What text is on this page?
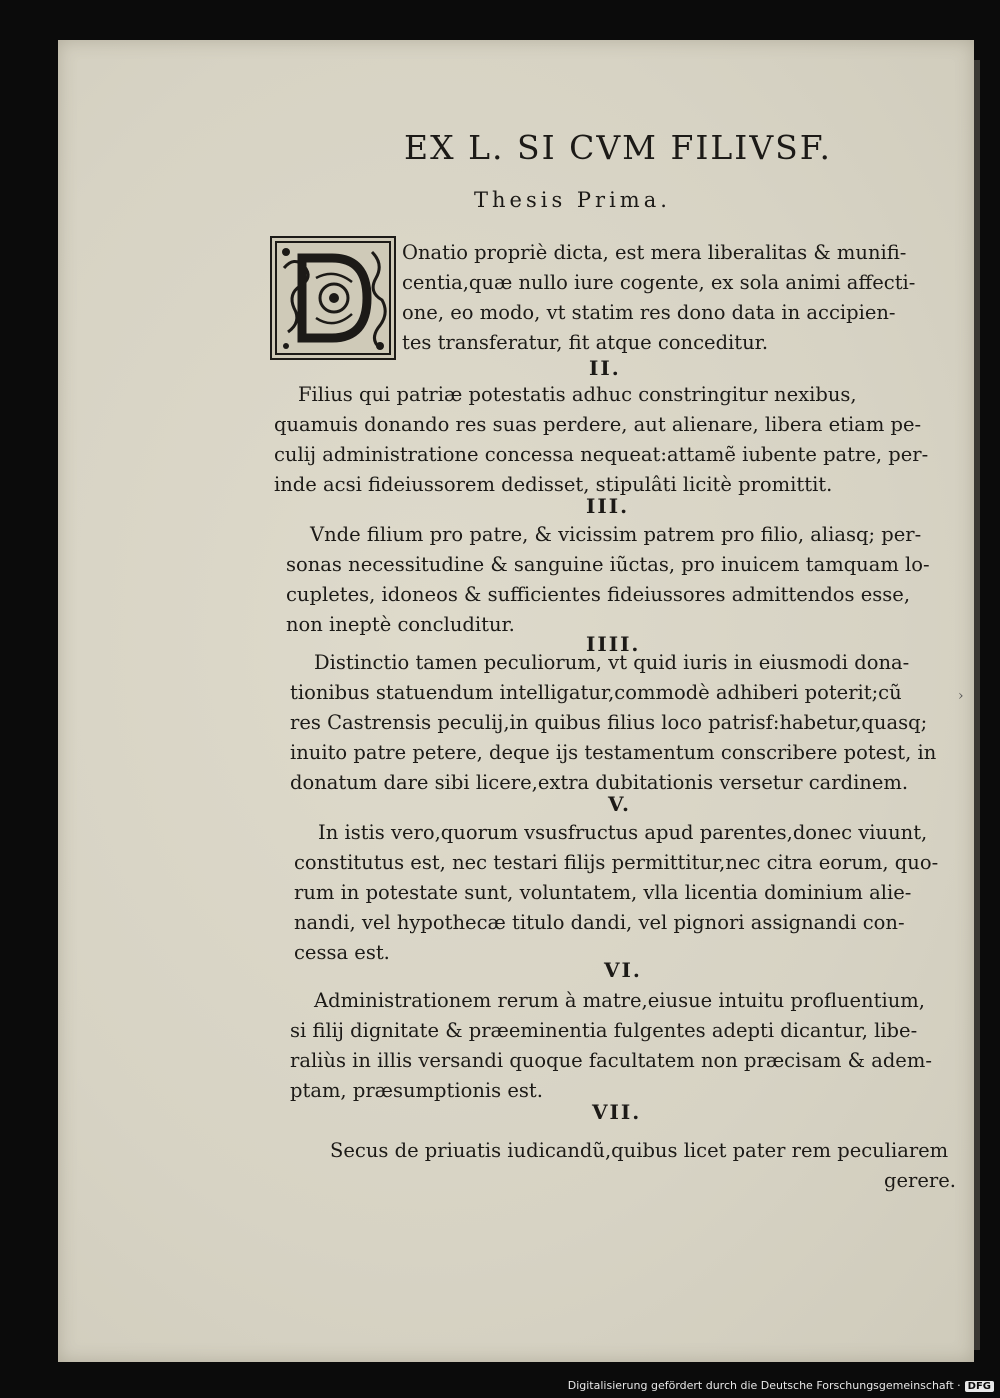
EX L. SI CVM FILIVSF.
Thesis Prima.
Onatio propriè dicta, est mera liberalitas & munifi-
centia,quæ nullo iure cogente, ex sola animi affecti-
one, eo modo, vt statim res dono data in accipien-
tes transferatur, fit atque conceditur.
II.
Filius qui patriæ potestatis adhuc constringitur nexibus,
quamuis donando res suas perdere, aut alienare, libera etiam pe-
culij administratione concessa nequeat:attamẽ iubente patre, per-
inde acsi fideiussorem dedisset, stipulâti licitè promittit.
III.
Vnde filium pro patre, & vicissim patrem pro filio, aliasq; per-
sonas necessitudine & sanguine iũctas, pro inuicem tamquam lo-
cupletes, idoneos & sufficientes fideiussores admittendos esse,
non ineptè concluditur.
IIII.
Distinctio tamen peculiorum, vt quid iuris in eiusmodi dona-
tionibus statuendum intelligatur,commodè adhiberi poterit;cũ
res Castrensis peculij,in quibus filius loco patrisf:habetur,quasq;
inuito patre petere, deque ijs testamentum conscribere potest, in
donatum dare sibi licere,extra dubitationis versetur cardinem.
V.
In istis vero,quorum vsusfructus apud parentes,donec viuunt,
constitutus est, nec testari filijs permittitur,nec citra eorum, quo-
rum in potestate sunt, voluntatem, vlla licentia dominium alie-
nandi, vel hypothecæ titulo dandi, vel pignori assignandi con-
cessa est.
VI.
Administrationem rerum à matre,eiusue intuitu profluentium,
si filij dignitate & præeminentia fulgentes adepti dicantur, libe-
raliùs in illis versandi quoque facultatem non præcisam & adem-
ptam, præsumptionis est.
VII.
Secus de priuatis iudicandũ,quibus licet pater rem peculiarem
gerere.
›
Digitalisierung gefördert durch die Deutsche Forschungsgemeinschaft · DFG
